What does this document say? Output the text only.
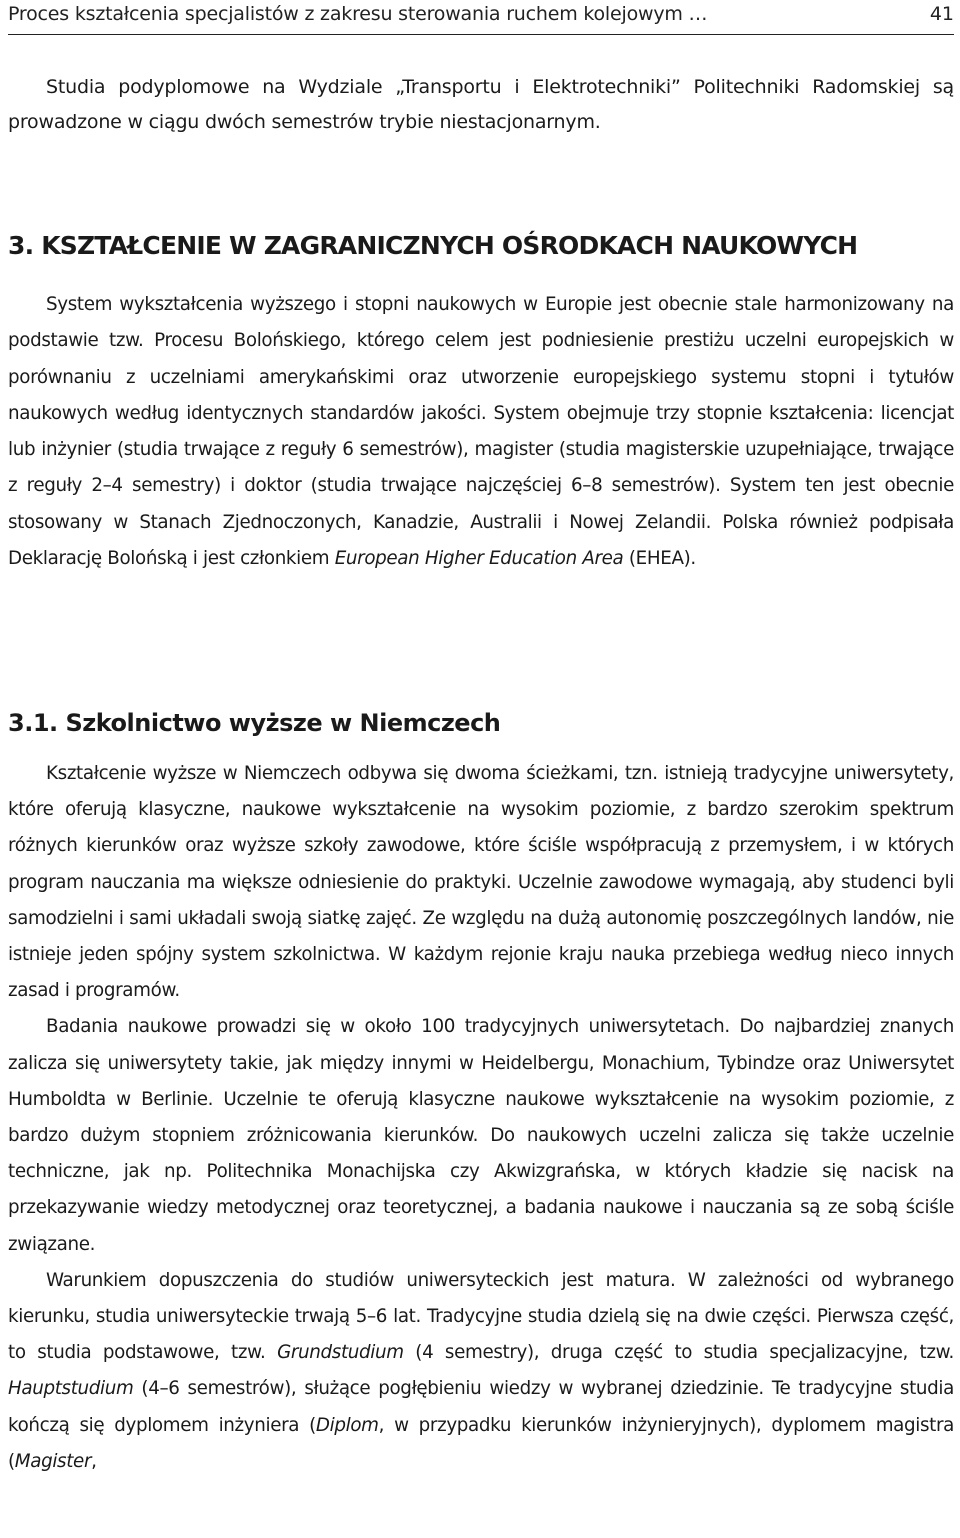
Proces kształcenia specjalistów z zakresu sterowania ruchem kolejowym …	41

Studia podyplomowe na Wydziale „Transportu i Elektrotechniki” Politechniki Radomskiej są prowadzone w ciągu dwóch semestrów trybie niestacjonarnym.

3. KSZTAŁCENIE W ZAGRANICZNYCH OŚRODKACH NAUKOWYCH

System wykształcenia wyższego i stopni naukowych w Europie jest obecnie stale harmonizowany na podstawie tzw. Procesu Bolońskiego, którego celem jest podniesienie prestiżu uczelni europejskich w porównaniu z uczelniami amerykańskimi oraz utworzenie europejskiego systemu stopni i tytułów naukowych według identycznych standardów jakości. System obejmuje trzy stopnie kształcenia: licencjat lub inżynier (studia trwające z reguły 6 semestrów), magister (studia magisterskie uzupełniające, trwające z reguły 2–4 semestry) i doktor (studia trwające najczęściej 6–8 semestrów). System ten jest obecnie stosowany w Stanach Zjednoczonych, Kanadzie, Australii i Nowej Zelandii. Polska również podpisała Deklarację Bolońską i jest członkiem European Higher Education Area (EHEA).

3.1. Szkolnictwo wyższe w Niemczech

Kształcenie wyższe w Niemczech odbywa się dwoma ścieżkami, tzn. istnieją tradycyjne uniwersytety, które oferują klasyczne, naukowe wykształcenie na wysokim poziomie, z bardzo szerokim spektrum różnych kierunków oraz wyższe szkoły zawodowe, które ściśle współpracują z przemysłem, i w których program nauczania ma większe odniesienie do praktyki. Uczelnie zawodowe wymagają, aby studenci byli samodzielni i sami układali swoją siatkę zajęć. Ze względu na dużą autonomię poszczególnych landów, nie istnieje jeden spójny system szkolnictwa. W każdym rejonie kraju nauka przebiega według nieco innych zasad i programów.

Badania naukowe prowadzi się w około 100 tradycyjnych uniwersytetach. Do najbardziej znanych zalicza się uniwersytety takie, jak między innymi w Heidelbergu, Monachium, Tybindze oraz Uniwersytet Humboldta w Berlinie. Uczelnie te oferują klasyczne naukowe wykształcenie na wysokim poziomie, z bardzo dużym stopniem zróżnicowania kierunków. Do naukowych uczelni zalicza się także uczelnie techniczne, jak np. Politechnika Monachijska czy Akwizgrańska, w których kładzie się nacisk na przekazywanie wiedzy metodycznej oraz teoretycznej, a badania naukowe i nauczania są ze sobą ściśle związane.

Warunkiem dopuszczenia do studiów uniwersyteckich jest matura. W zależności od wybranego kierunku, studia uniwersyteckie trwają 5–6 lat. Tradycyjne studia dzielą się na dwie części. Pierwsza część, to studia podstawowe, tzw. Grundstudium (4 semestry), druga część to studia specjalizacyjne, tzw. Hauptstudium (4–6 semestrów), służące pogłębieniu wiedzy w wybranej dziedzinie. Te tradycyjne studia kończą się dyplomem inżyniera (Diplom, w przypadku kierunków inżynieryjnych), dyplomem magistra (Magister,
